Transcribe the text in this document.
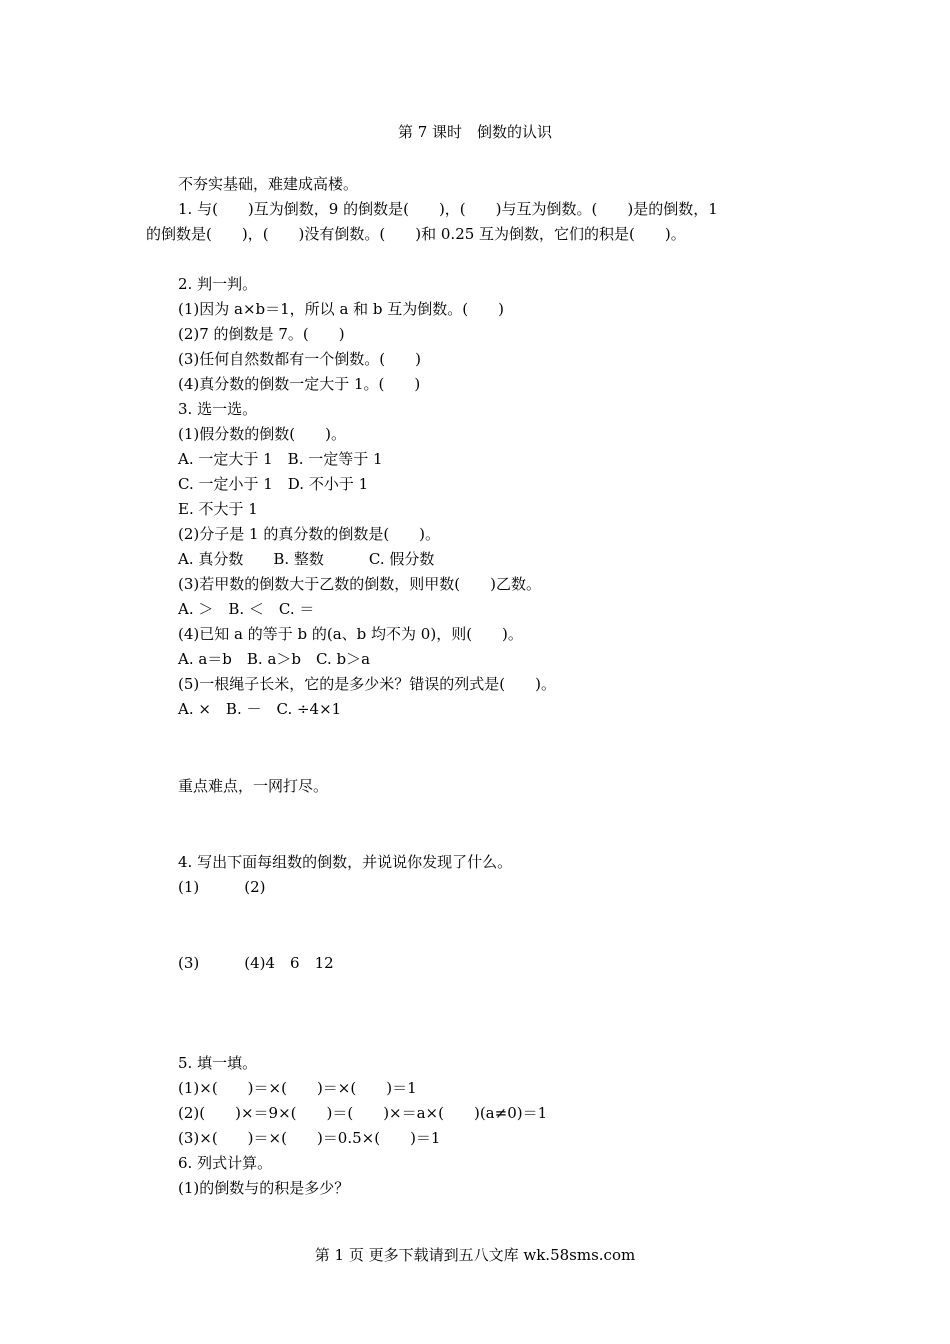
第 7 课时　倒数的认识
不夯实基础，难建成高楼。
1. 与(　　)互为倒数，9 的倒数是(　　)，(　　)与互为倒数。(　　)是的倒数，1
的倒数是(　　)，(　　)没有倒数。(　　)和 0.25 互为倒数，它们的积是(　　)。
2. 判一判。
(1)因为 a×b＝1，所以 a 和 b 互为倒数。(　　)
(2)7 的倒数是 7。(　　)
(3)任何自然数都有一个倒数。(　　)
(4)真分数的倒数一定大于 1。(　　)
3. 选一选。
(1)假分数的倒数(　　)。
A. 一定大于 1　B. 一定等于 1
C. 一定小于 1　D. 不小于 1
E. 不大于 1
(2)分子是 1 的真分数的倒数是(　　)。
A. 真分数　　B. 整数　　　C. 假分数
(3)若甲数的倒数大于乙数的倒数，则甲数(　　)乙数。
A. ＞　B. ＜　C. ＝
(4)已知 a 的等于 b 的(a、b 均不为 0)，则(　　)。
A. a＝b　B. a＞b　C. b＞a
(5)一根绳子长米，它的是多少米？错误的列式是(　　)。
A. ×　B. －　C. ÷4×1
重点难点，一网打尽。
4. 写出下面每组数的倒数，并说说你发现了什么。
(1)　　　(2)
(3)　　　(4)4　6　12
5. 填一填。
(1)×(　　)＝×(　　)＝×(　　)＝1
(2)(　　)×＝9×(　　)＝(　　)×＝a×(　　)(a≠0)＝1
(3)×(　　)＝×(　　)＝0.5×(　　)＝1
6. 列式计算。
(1)的倒数与的积是多少？
第 1 页 更多下载请到五八文库 wk.58sms.com
